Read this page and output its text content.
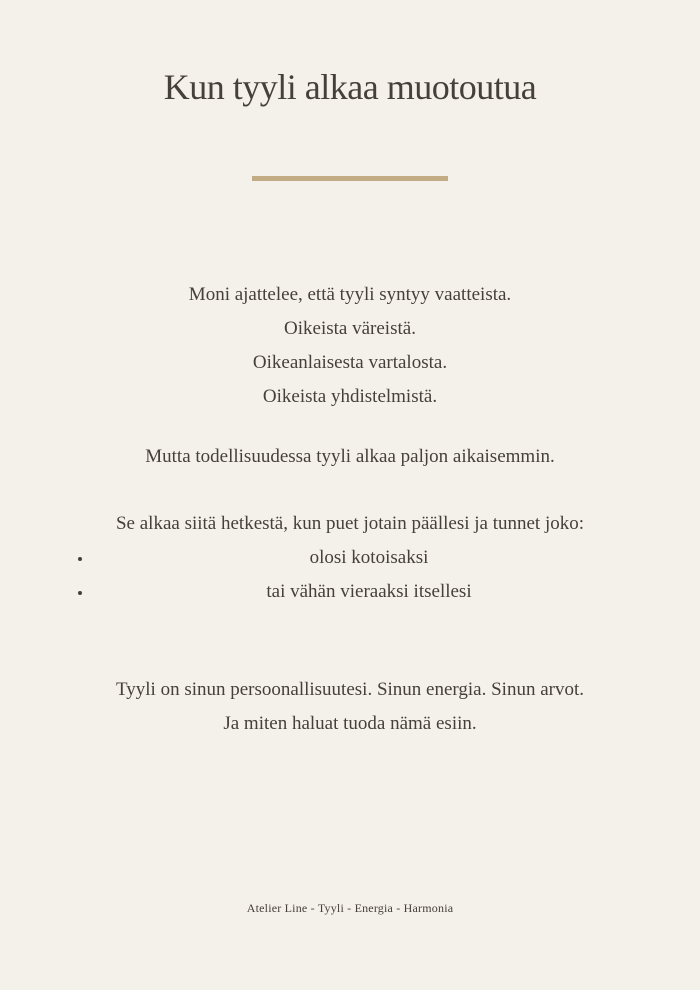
Kun tyyli alkaa muotoutua
Moni ajattelee, että tyyli syntyy vaatteista.
Oikeista väreistä.
Oikeanlaisesta vartalosta.
Oikeista yhdistelmistä.
Mutta todellisuudessa tyyli alkaa paljon aikaisemmin.
Se alkaa siitä hetkestä, kun puet jotain päällesi ja tunnet joko:
• olosi kotoisaksi
• tai vähän vieraaksi itsellesi
Tyyli on sinun persoonallisuutesi. Sinun energia. Sinun arvot.
Ja miten haluat tuoda nämä esiin.
Atelier Line - Tyyli - Energia - Harmonia
